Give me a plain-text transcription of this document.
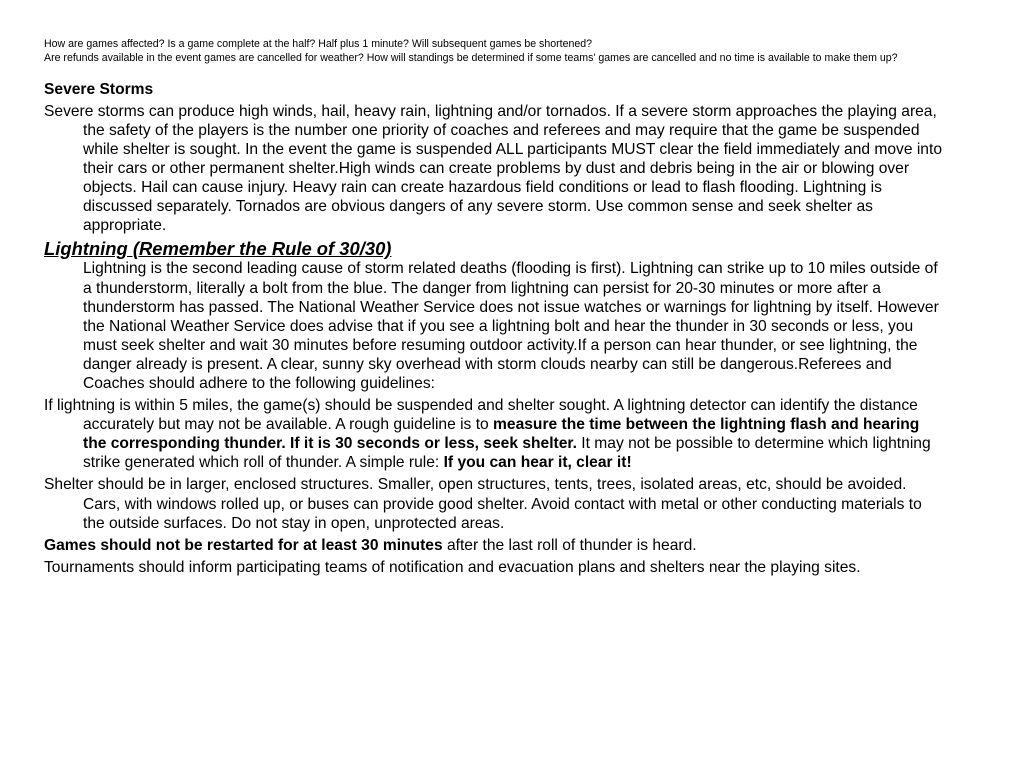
How are games affected? Is a game complete at the half? Half plus 1 minute? Will subsequent games be shortened?

Are refunds available in the event games are cancelled for weather? How will standings be determined if some teams' games are cancelled and no time is available to make them up?

Severe Storms

Severe storms can produce high winds, hail, heavy rain, lightning and/or tornados. If a severe storm approaches the playing area, the safety of the players is the number one priority of coaches and referees and may require that the game be suspended while shelter is sought. In the event the game is suspended ALL participants MUST clear the field immediately and move into their cars or other permanent shelter.High winds can create problems by dust and debris being in the air or blowing over objects. Hail can cause injury. Heavy rain can create hazardous field conditions or lead to flash flooding. Lightning is discussed separately. Tornados are obvious dangers of any severe storm. Use common sense and seek shelter as appropriate.

Lightning (Remember the Rule of 30/30)

Lightning is the second leading cause of storm related deaths (flooding is first). Lightning can strike up to 10 miles outside of a thunderstorm, literally a bolt from the blue. The danger from lightning can persist for 20-30 minutes or more after a thunderstorm has passed. The National Weather Service does not issue watches or warnings for lightning by itself. However the National Weather Service does advise that if you see a lightning bolt and hear the thunder in 30 seconds or less, you must seek shelter and wait 30 minutes before resuming outdoor activity.If a person can hear thunder, or see lightning, the danger already is present. A clear, sunny sky overhead with storm clouds nearby can still be dangerous.Referees and Coaches should adhere to the following guidelines:

If lightning is within 5 miles, the game(s) should be suspended and shelter sought. A lightning detector can identify the distance accurately but may not be available. A rough guideline is to measure the time between the lightning flash and hearing the corresponding thunder. If it is 30 seconds or less, seek shelter. It may not be possible to determine which lightning strike generated which roll of thunder. A simple rule: If you can hear it, clear it!

Shelter should be in larger, enclosed structures. Smaller, open structures, tents, trees, isolated areas, etc, should be avoided. Cars, with windows rolled up, or buses can provide good shelter. Avoid contact with metal or other conducting materials to the outside surfaces. Do not stay in open, unprotected areas.

Games should not be restarted for at least 30 minutes after the last roll of thunder is heard.

Tournaments should inform participating teams of notification and evacuation plans and shelters near the playing sites.
